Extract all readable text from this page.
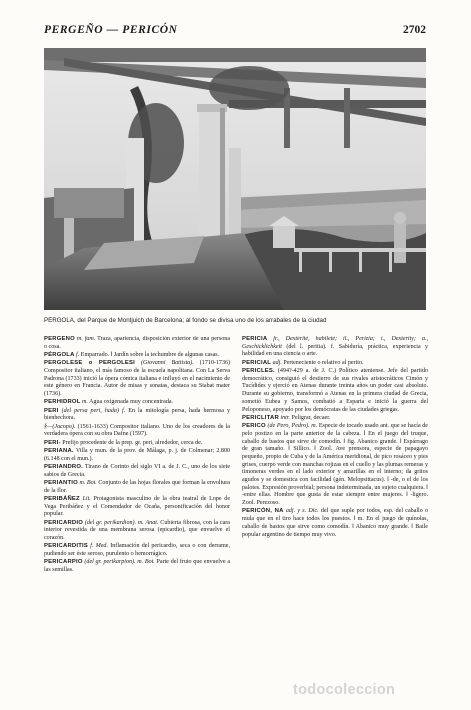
PERGEÑO — PERICÓN	2702
PÉRGOLA, del Parque de Montjuich de Barcelona; al fondo se divisa uno de los arrabales de la ciudad

PERGEÑO m. fam. Traza, apariencia, disposición exterior de una persona o cosa.

PÉRGOLA f. Emparrado. ‖ Jardín sobre la techumbre de algunas casas.

PERGOLESE o PERGOLESI (Giovanni Battista). (1710-1736) Compositor italiano, el más famoso de la escuela napolitana. Con La Serva Padrona (1733) inició la ópera cómica italiana e influyó en el nacimiento de este género en Francia. Autor de misas y sonatas, destaca su Stabat mater (1736).

PERHIDROL m. Agua oxigenada muy concentrada.

PERI (del persa peri, hada) f. En la mitología persa, hada hermosa y bienhechora.

§—(Jacopo). (1561-1633) Compositor italiano. Uno de los creadores de la verdadera ópera con su obra Dafne (1597).

PERI- Prefijo procedente de la prep. gr. peri, alrededor, cerca de.

PERIANA. Villa y mun. de la prov. de Málaga, p. j. de Colmenar; 2.800 (6.148 con el mun.).

PERIANDRO. Tirano de Corinto del siglo VI a. de J. C., uno de los siete sabios de Grecia.

PERIANTIO m. Bot. Conjunto de las hojas florales que forman la envoltura de la flor.

PERIBÁÑEZ Lit. Protagonista masculino de la obra teatral de Lope de Vega Peribáñez y el Comendador de Ocaña, personificación del honor popular.

PERICARDIO (del gr. perikardion). m. Anat. Cubierta fibrosa, con la cara interior revestida de una membrana serosa (epicardio), que envuelve el corazón.

PERICARDITIS f. Med. Inflamación del pericardio, seca o con derrame, pudiendo ser éste seroso, purulento o hemorrágico.

PERICARPIO (del gr. perikarpion). m. Bot. Parte del fruto que envuelve a las semillas.

PERICIA fr., Dextérité, habileté; il., Perizia; i., Dexterity; a., Geschicklichkeit (del l. peritia). f. Sabiduría, práctica, experiencia y habilidad en una ciencia o arte.

PERICIAL adj. Perteneciente o relativo al perito.

PERICLES. (494?-429 a. de J. C.) Político ateniense. Jefe del partido democrático, consiguió el destierro de sus rivales aristocráticos Cimón y Tucídides y ejerció en Atenas durante treinta años un poder casi absoluto. Durante su gobierno, transformó a Atenas en la primera ciudad de Grecia, sometió Eubea y Samos, combatió a Esparta e inició la guerra del Peloponeso, apoyado por los demócratas de las ciudades griegas.

PERICLITAR intr. Peligrar, decaer.

PERICO (de Pero, Pedro). m. Especie de tocado usado ant. que se hacía de pelo postizo en la parte anterior de la cabeza. ‖ En el juego del truque, caballo de bastos que sirve de comodín. ‖ fig. Abanico grande. ‖ Espárrago de gran tamaño. ‖ Sillico. ‖ Zool. Ave prensora, especie de papagayo pequeño, propio de Cuba y de la América meridional, de pico rosáceo y pies grises, cuerpo verde con manchas rojizas en el cuello y las plumas remeras y timoneras verdes en el lado exterior y amarillas en el interno; da gritos agudos y se domestica con facilidad (gén. Melopsittacus). ‖ -de, o el de los palotes. Expresión proverbial; persona indeterminada, un sujeto cualquiera. ‖ -entre ellas. Hombre que gusta de estar siempre entre mujeres. ‖ -ligero. Zool. Perezoso.

PERICÓN, NA adj. y s. Dic. del que suple por todos, esp. del caballo o mula que en el tiro hace todos los puestos. ‖ m. En el juego de quínolas, caballo de bastos que sirve como comodín. ‖ Abanico muy grande. ‖ Baile popular argentino de tiempo muy vivo.

todocoleccion
